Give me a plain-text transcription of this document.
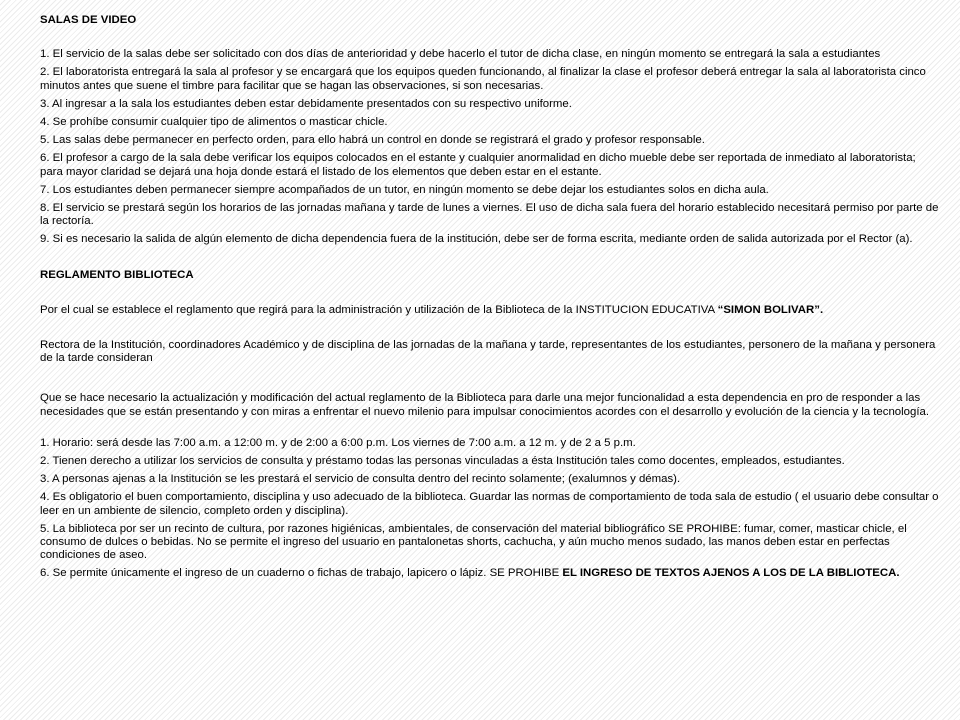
SALAS DE VIDEO

1. El servicio de la salas debe ser solicitado con dos días de anterioridad y debe hacerlo el tutor de dicha clase, en ningún momento se entregará la sala a estudiantes

2. El laboratorista entregará la sala al profesor y se encargará que los equipos queden funcionando, al finalizar la clase el profesor deberá entregar la sala al laboratorista cinco minutos antes que suene el timbre para facilitar que se hagan las observaciones, si son necesarias.

3. Al ingresar a la sala los estudiantes deben estar debidamente presentados con su respectivo uniforme.

4. Se prohíbe consumir cualquier tipo de alimentos o masticar chicle.

5. Las salas debe permanecer en perfecto orden, para ello habrá un control en donde se registrará el grado y profesor responsable.

6. El profesor a cargo de la sala debe verificar los equipos colocados en el estante y cualquier anormalidad en dicho mueble debe ser reportada de inmediato al laboratorista; para mayor claridad se dejará una hoja donde estará el listado de los elementos que deben estar en el estante.

7. Los estudiantes deben permanecer siempre acompañados de un tutor, en ningún momento se debe dejar los estudiantes solos en dicha aula.

8. El servicio se prestará según los horarios de las jornadas mañana y tarde de lunes a viernes. El uso de dicha sala fuera del horario establecido necesitará permiso por parte de la rectoría.

9. Si es necesario la salida de algún elemento de dicha dependencia fuera de la institución, debe ser de forma escrita, mediante orden de salida autorizada por el Rector (a).

REGLAMENTO BIBLIOTECA

Por el cual se establece el reglamento que regirá para la administración y utilización de la Biblioteca de la INSTITUCION EDUCATIVA “SIMON BOLIVAR”.

Rectora de la Institución, coordinadores Académico y de disciplina de las jornadas de la mañana y tarde, representantes de los estudiantes, personero de la mañana y personera de la tarde consideran

Que se hace necesario la actualización y modificación del actual reglamento de la Biblioteca para darle una mejor funcionalidad a esta dependencia en pro de responder a las necesidades que se están presentando y con miras a enfrentar el nuevo milenio para impulsar conocimientos acordes con el desarrollo y evolución de la ciencia y la tecnología.

1. Horario: será desde las 7:00 a.m. a 12:00 m. y de 2:00 a 6:00 p.m. Los viernes de 7:00 a.m. a 12 m. y de 2 a 5 p.m.

2. Tienen derecho a utilizar los servicios de consulta y préstamo todas las personas vinculadas a ésta Institución tales como docentes, empleados, estudiantes.

3. A personas ajenas a la Institución se les prestará el servicio de consulta dentro del recinto solamente; (exalumnos y démas).

4. Es obligatorio el buen comportamiento, disciplina y uso adecuado de la biblioteca. Guardar las normas de comportamiento de toda sala de estudio ( el usuario debe consultar o leer en un ambiente de silencio, completo orden y disciplina).

5. La biblioteca por ser un recinto de cultura, por razones higiénicas, ambientales, de conservación del material bibliográfico SE PROHIBE: fumar, comer, masticar chicle, el consumo de dulces o bebidas. No se permite el ingreso del usuario en pantalonetas shorts, cachucha, y aún mucho menos sudado, las manos deben estar en perfectas condiciones de aseo.

6. Se permite únicamente el ingreso de un cuaderno o fichas de trabajo, lapicero o lápiz. SE PROHIBE EL INGRESO DE TEXTOS AJENOS A LOS DE LA BIBLIOTECA.
